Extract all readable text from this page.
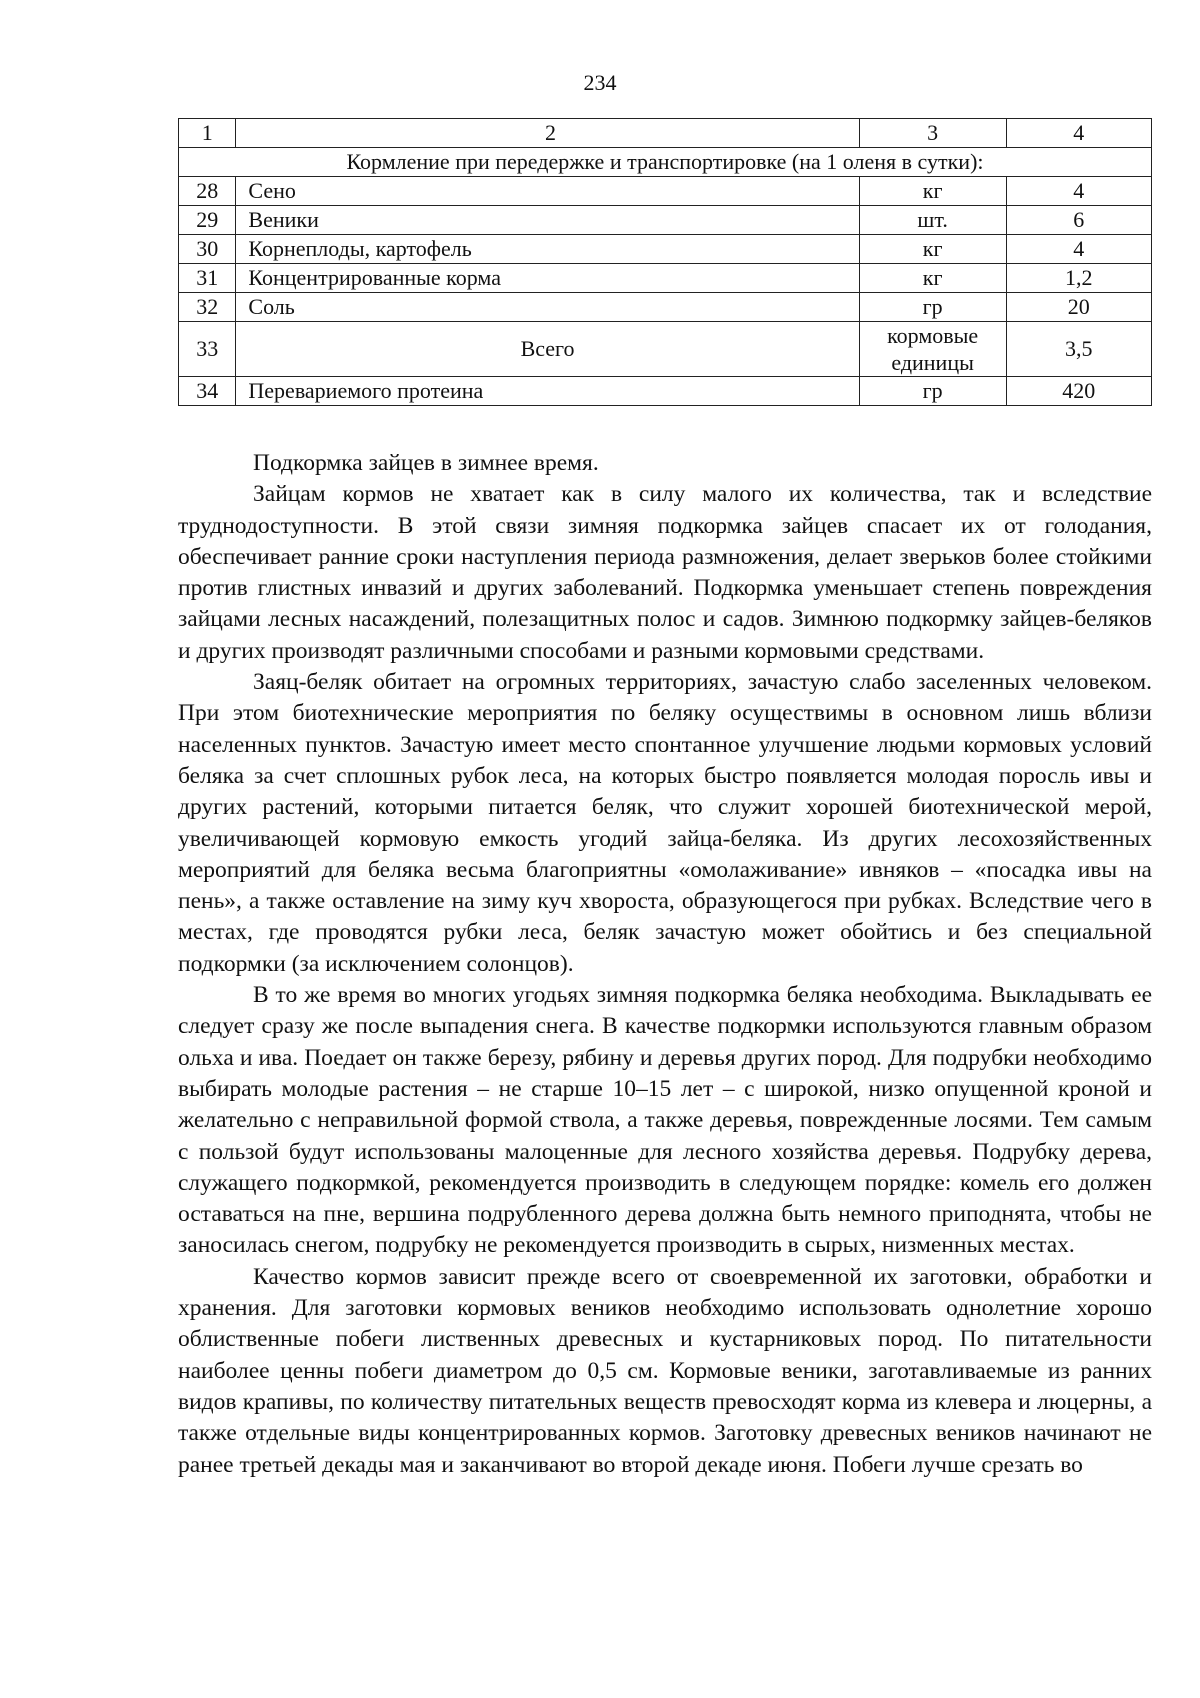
234
1	2	3	4
Кормление при передержке и транспортировке (на 1 оленя в сутки):			
28	Сено	кг	4
29	Веники	шт.	6
30	Корнеплоды, картофель	кг	4
31	Концентрированные корма	кг	1,2
32	Соль	гр	20
33	Всего	кормовые единицы	3,5
34	Перевариемого протеина	гр	420

Подкормка зайцев в зимнее время.

Зайцам кормов не хватает как в силу малого их количества, так и вследствие труднодоступности. В этой связи зимняя подкормка зайцев спасает их от голодания, обеспечивает ранние сроки наступления периода размножения, делает зверьков более стойкими против глистных инвазий и других заболеваний. Подкормка уменьшает степень повреждения зайцами лесных насаждений, полезащитных полос и садов. Зимнюю подкормку зайцев-беляков и других производят различными способами и разными кормовыми средствами.

Заяц-беляк обитает на огромных территориях, зачастую слабо заселенных человеком. При этом биотехнические мероприятия по беляку осуществимы в основном лишь вблизи населенных пунктов. Зачастую имеет место спонтанное улучшение людьми кормовых условий беляка за счет сплошных рубок леса, на которых быстро появляется молодая поросль ивы и других растений, которыми питается беляк, что служит хорошей биотехнической мерой, увеличивающей кормовую емкость угодий зайца-беляка. Из других лесохозяйственных мероприятий для беляка весьма благоприятны «омолаживание» ивняков – «посадка ивы на пень», а также оставление на зиму куч хвороста, образующегося при рубках. Вследствие чего в местах, где проводятся рубки леса, беляк зачастую может обойтись и без специальной подкормки (за исключением солонцов).

В то же время во многих угодьях зимняя подкормка беляка необходима. Выкладывать ее следует сразу же после выпадения снега. В качестве подкормки используются главным образом ольха и ива. Поедает он также березу, рябину и деревья других пород. Для подрубки необходимо выбирать молодые растения – не старше 10–15 лет – с широкой, низко опущенной кроной и желательно с неправильной формой ствола, а также деревья, поврежденные лосями. Тем самым с пользой будут использованы малоценные для лесного хозяйства деревья. Подрубку дерева, служащего подкормкой, рекомендуется производить в следующем порядке: комель его должен оставаться на пне, вершина подрубленного дерева должна быть немного приподнята, чтобы не заносилась снегом, подрубку не рекомендуется производить в сырых, низменных местах.

Качество кормов зависит прежде всего от своевременной их заготовки, обработки и хранения. Для заготовки кормовых веников необходимо использовать однолетние хорошо облиственные побеги лиственных древесных и кустарниковых пород. По питательности наиболее ценны побеги диаметром до 0,5 см. Кормовые веники, заготавливаемые из ранних видов крапивы, по количеству питательных веществ превосходят корма из клевера и люцерны, а также отдельные виды концентрированных кормов. Заготовку древесных веников начинают не ранее третьей декады мая и заканчивают во второй декаде июня. Побеги лучше срезать во
